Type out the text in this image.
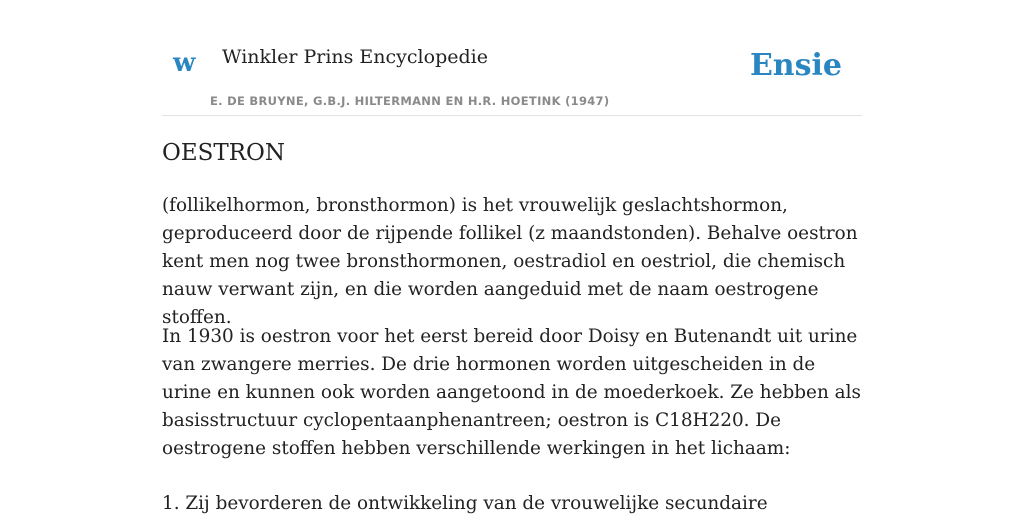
w Winkler Prins Encyclopedie
E. DE BRUYNE, G.B.J. HILTERMANN EN H.R. HOETINK (1947)
Ensie
OESTRON

(follikelhormon, bronsthormon) is het vrouwelijk geslachtshormon, geproduceerd door de rijpende follikel (z maandstonden). Behalve oestron kent men nog twee bronsthormonen, oestradiol en oestriol, die chemisch nauw verwant zijn, en die worden aangeduid met de naam oestrogene stoffen.

In 1930 is oestron voor het eerst bereid door Doisy en Butenandt uit urine van zwangere merries. De drie hormonen worden uitgescheiden in de urine en kunnen ook worden aangetoond in de moederkoek. Ze hebben als basisstructuur cyclopentaanphenantreen; oestron is C18H220. De oestrogene stoffen hebben verschillende werkingen in het lichaam:

1. Zij bevorderen de ontwikkeling van de vrouwelijke secundaire
